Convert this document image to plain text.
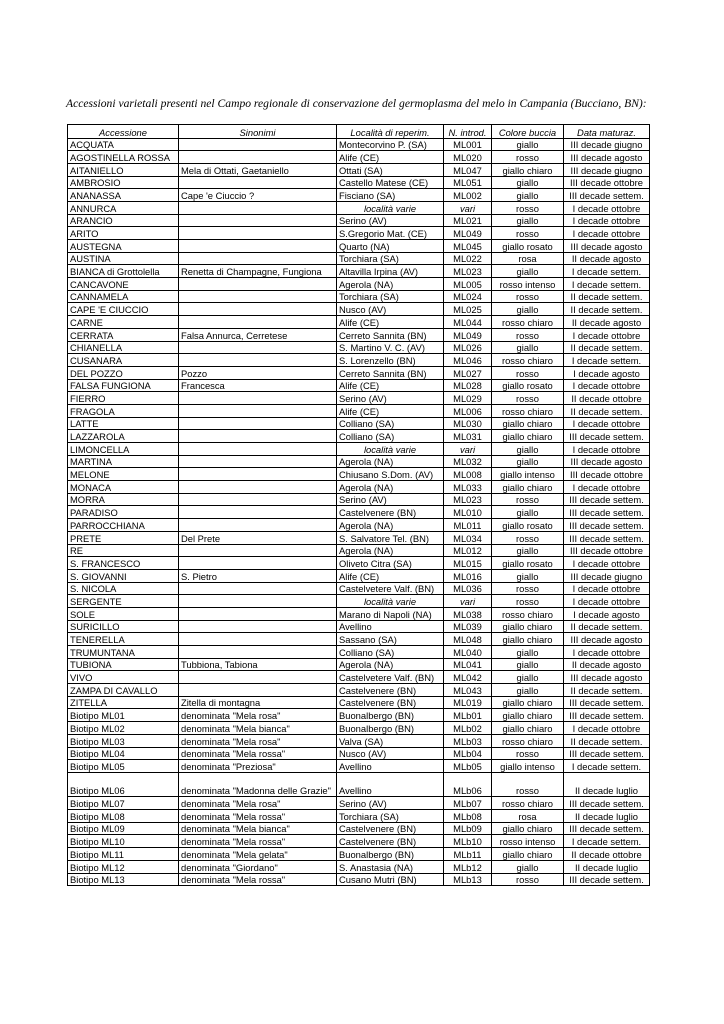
Accessioni varietali presenti nel Campo regionale di conservazione del germoplasma del melo in Campania (Bucciano, BN):
Accessione	Sinonimi	Località di reperim.	N. introd.	Colore buccia	Data maturaz.
ACQUATA		Montecorvino P. (SA)	ML001	giallo	III decade giugno
AGOSTINELLA ROSSA		Alife (CE)	ML020	rosso	III decade agosto
AITANIELLO	Mela di Ottati, Gaetaniello	Ottati (SA)	ML047	giallo chiaro	III decade giugno
AMBROSIO		Castello Matese (CE)	ML051	giallo	III decade ottobre
ANANASSA	Cape 'e Ciuccio ?	Fisciano (SA)	ML002	giallo	III decade settem.
ANNURCA		località varie	vari	rosso	I decade ottobre
ARANCIO		Serino (AV)	ML021	giallo	I decade ottobre
ARITO		S.Gregorio Mat. (CE)	ML049	rosso	I decade ottobre
AUSTEGNA		Quarto (NA)	ML045	giallo rosato	III decade agosto
AUSTINA		Torchiara (SA)	ML022	rosa	II decade agosto
BIANCA di Grottolella	Renetta di Champagne, Fungiona	Altavilla Irpina (AV)	ML023	giallo	I decade settem.
CANCAVONE		Agerola (NA)	ML005	rosso intenso	I decade settem.
CANNAMELA		Torchiara (SA)	ML024	rosso	II decade settem.
CAPE 'E CIUCCIO		Nusco (AV)	ML025	giallo	II decade settem.
CARNE		Alife (CE)	ML044	rosso chiaro	II decade agosto
CERRATA	Falsa Annurca, Cerretese	Cerreto Sannita (BN)	ML049	rosso	I decade ottobre
CHIANELLA		S. Martino V. C. (AV)	ML026	giallo	II decade settem.
CUSANARA		S. Lorenzello (BN)	ML046	rosso chiaro	I decade settem.
DEL POZZO	Pozzo	Cerreto Sannita (BN)	ML027	rosso	I decade agosto
FALSA FUNGIONA	Francesca	Alife (CE)	ML028	giallo rosato	I decade ottobre
FIERRO		Serino (AV)	ML029	rosso	II decade ottobre
FRAGOLA		Alife (CE)	ML006	rosso chiaro	II decade settem.
LATTE		Colliano (SA)	ML030	giallo chiaro	I decade ottobre
LAZZAROLA		Colliano (SA)	ML031	giallo chiaro	III decade settem.
LIMONCELLA		località varie	vari	giallo	I decade ottobre
MARTINA		Agerola (NA)	ML032	giallo	III decade agosto
MELONE		Chiusano S.Dom. (AV)	ML008	giallo intenso	III decade ottobre
MONACA		Agerola (NA)	ML033	giallo chiaro	I decade ottobre
MORRA		Serino (AV)	ML023	rosso	III decade settem.
PARADISO		Castelvenere (BN)	ML010	giallo	III decade settem.
PARROCCHIANA		Agerola (NA)	ML011	giallo rosato	III decade settem.
PRETE	Del Prete	S. Salvatore Tel. (BN)	ML034	rosso	III decade settem.
RE		Agerola (NA)	ML012	giallo	III decade ottobre
S. FRANCESCO		Oliveto Citra (SA)	ML015	giallo rosato	I decade ottobre
S. GIOVANNI	S. Pietro	Alife (CE)	ML016	giallo	III decade giugno
S. NICOLA		Castelvetere Valf. (BN)	ML036	rosso	I decade ottobre
SERGENTE		località varie	vari	rosso	I decade ottobre
SOLE		Marano di Napoli (NA)	ML038	rosso chiaro	I decade agosto
SURICILLO		Avellino	ML039	giallo chiaro	II decade settem.
TENERELLA		Sassano (SA)	ML048	giallo chiaro	III decade agosto
TRUMUNTANA		Colliano (SA)	ML040	giallo	I decade ottobre
TUBIONA	Tubbiona, Tabiona	Agerola (NA)	ML041	giallo	II decade agosto
VIVO		Castelvetere Valf. (BN)	ML042	giallo	III decade agosto
ZAMPA DI CAVALLO		Castelvenere (BN)	ML043	giallo	II decade settem.
ZITELLA	Zitella di montagna	Castelvenere (BN)	ML019	giallo chiaro	III decade settem.
Biotipo ML01	denominata "Mela rosa"	Buonalbergo (BN)	MLb01	giallo chiaro	III decade settem.
Biotipo ML02	denominata "Mela bianca"	Buonalbergo (BN)	MLb02	giallo chiaro	I decade ottobre
Biotipo ML03	denominata "Mela rosa"	Valva (SA)	MLb03	rosso chiaro	II decade settem.
Biotipo ML04	denominata "Mela rossa"	Nusco (AV)	MLb04	rosso	III decade settem.
Biotipo ML05	denominata "Preziosa"	Avellino	MLb05	giallo intenso	I decade settem.
Biotipo ML06	denominata "Madonna delle Grazie"	Avellino	MLb06	rosso	II decade luglio
Biotipo ML07	denominata "Mela rosa"	Serino (AV)	MLb07	rosso chiaro	III decade settem.
Biotipo ML08	denominata "Mela rossa"	Torchiara (SA)	MLb08	rosa	II decade luglio
Biotipo ML09	denominata "Mela bianca"	Castelvenere (BN)	MLb09	giallo chiaro	III decade settem.
Biotipo ML10	denominata "Mela rossa"	Castelvenere (BN)	MLb10	rosso intenso	I decade settem.
Biotipo ML11	denominata "Mela gelata"	Buonalbergo (BN)	MLb11	giallo chiaro	II decade ottobre
Biotipo ML12	denominata "Giordano"	S. Anastasia (NA)	MLb12	giallo	II decade luglio
Biotipo ML13	denominata "Mela rossa"	Cusano Mutri (BN)	MLb13	rosso	III decade settem.
